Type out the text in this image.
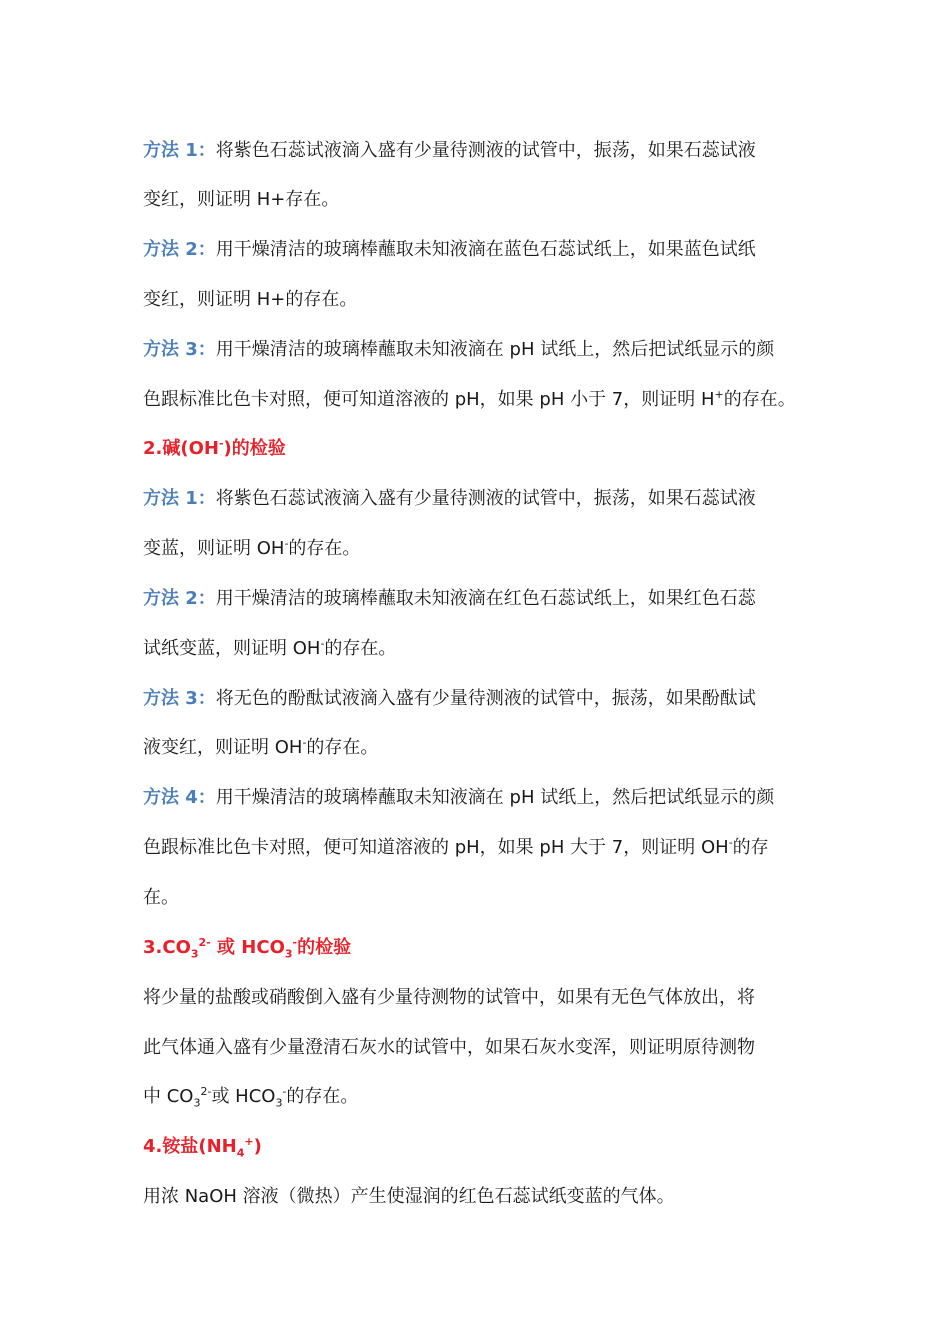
方法 1：将紫色石蕊试液滴入盛有少量待测液的试管中，振荡，如果石蕊试液
变红，则证明 H+存在。
方法 2：用干燥清洁的玻璃棒蘸取未知液滴在蓝色石蕊试纸上，如果蓝色试纸
变红，则证明 H+的存在。
方法 3：用干燥清洁的玻璃棒蘸取未知液滴在 pH 试纸上，然后把试纸显示的颜
色跟标准比色卡对照，便可知道溶液的 pH，如果 pH 小于 7，则证明 H+的存在。
2.碱(OH-)的检验
方法 1：将紫色石蕊试液滴入盛有少量待测液的试管中，振荡，如果石蕊试液
变蓝，则证明 OH-的存在。
方法 2：用干燥清洁的玻璃棒蘸取未知液滴在红色石蕊试纸上，如果红色石蕊
试纸变蓝，则证明 OH-的存在。
方法 3：将无色的酚酞试液滴入盛有少量待测液的试管中，振荡，如果酚酞试
液变红，则证明 OH-的存在。
方法 4：用干燥清洁的玻璃棒蘸取未知液滴在 pH 试纸上，然后把试纸显示的颜
色跟标准比色卡对照，便可知道溶液的 pH，如果 pH 大于 7，则证明 OH-的存
在。
$3.CO_3^{2-}$ 或 $HCO_3^-$的检验
将少量的盐酸或硝酸倒入盛有少量待测物的试管中，如果有无色气体放出，将
此气体通入盛有少量澄清石灰水的试管中，如果石灰水变浑，则证明原待测物
中 $CO_3^{2-}$或 $HCO_3^-$的存在。
4.铵盐$(NH_4^+)$
用浓 NaOH 溶液（微热）产生使湿润的红色石蕊试纸变蓝的气体。
